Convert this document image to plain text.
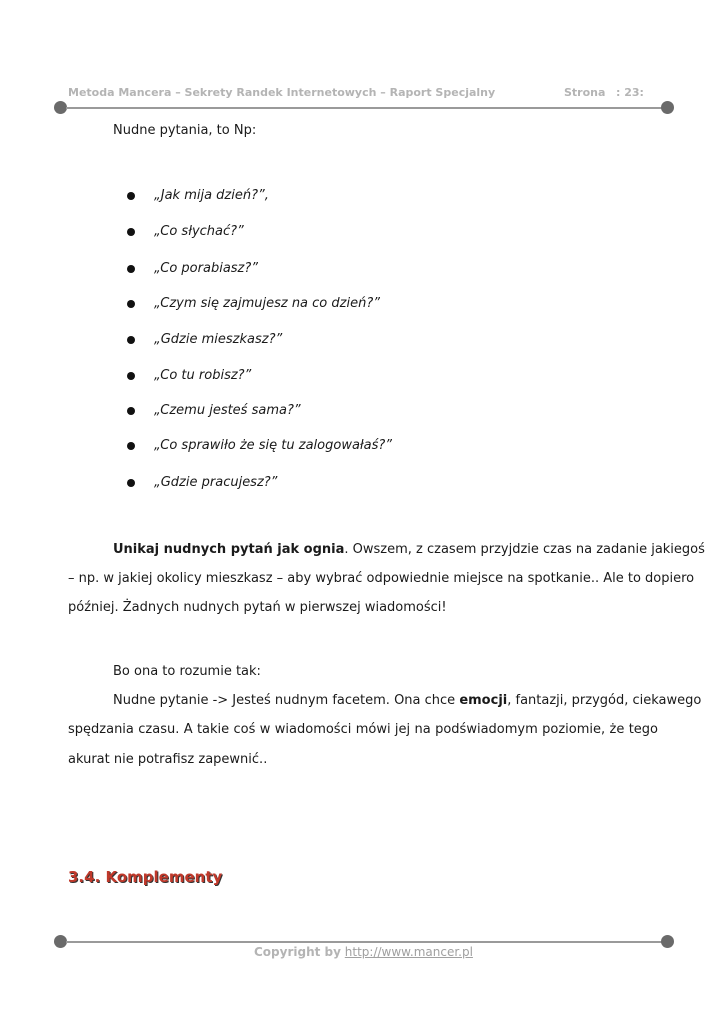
Metoda Mancera – Sekrety Randek Internetowych – Raport Specjalny	Strona : 23:
Nudne pytania, to Np:
„Jak mija dzień?”,
„Co słychać?”
„Co porabiasz?”
„Czym się zajmujesz na co dzień?”
„Gdzie mieszkasz?”
„Co tu robisz?”
„Czemu jesteś sama?”
„Co sprawiło że się tu zalogowałaś?”
„Gdzie pracujesz?”
Unikaj nudnych pytań jak ognia. Owszem, z czasem przyjdzie czas na zadanie jakiegoś
– np. w jakiej okolicy mieszkasz – aby wybrać odpowiednie miejsce na spotkanie.. Ale to dopiero
później. Żadnych nudnych pytań w pierwszej wiadomości!
Bo ona to rozumie tak:
Nudne pytanie -> Jesteś nudnym facetem. Ona chce emocji, fantazji, przygód, ciekawego
spędzania czasu. A takie coś w wiadomości mówi jej na podświadomym poziomie, że tego
akurat nie potrafisz zapewnić..
3.4. Komplementy
Copyright by http://www.mancer.pl
